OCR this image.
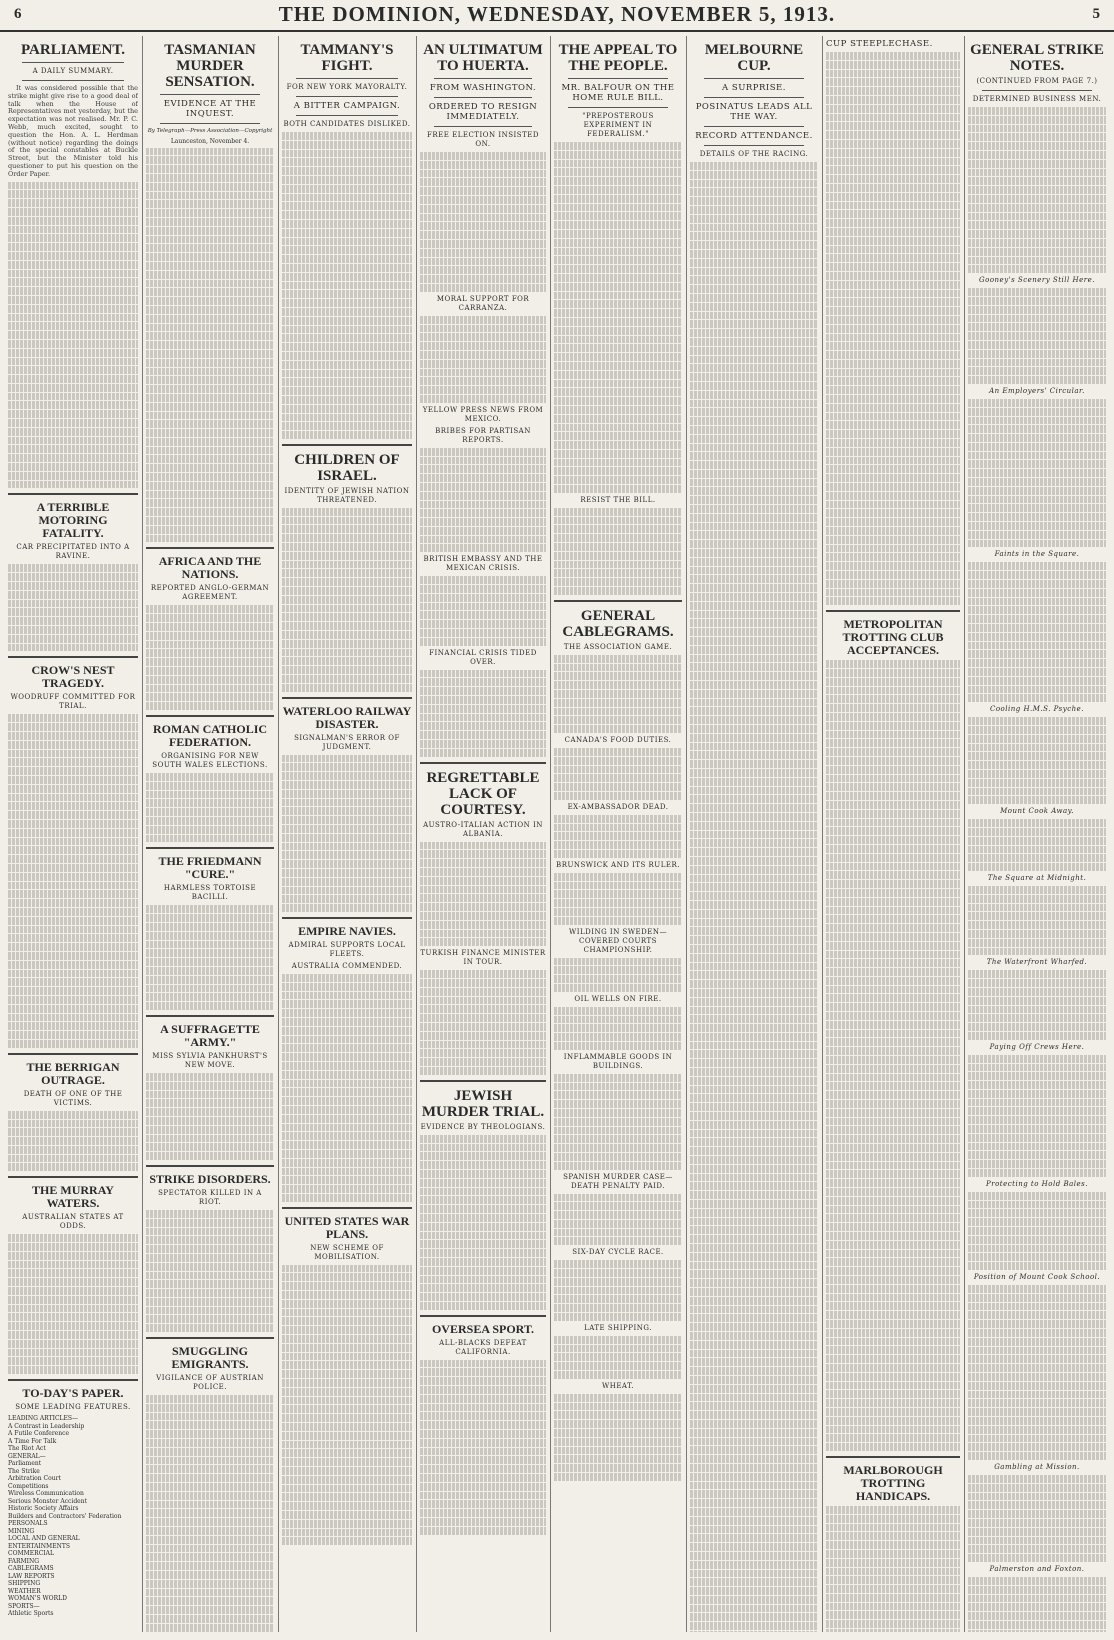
6	THE DOMINION, WEDNESDAY, NOVEMBER 5, 1913.	5
PARLIAMENT.
A DAILY SUMMARY.

It was considered possible that the strike might give rise to a good deal of talk when the House of Representatives met yesterday, but the expectation was not realised. Mr. P. C. Webb, much excited, sought to question the Hon. A. L. Herdman (without notice) regarding the doings of the special constables at Buckle Street, but the Minister told his questioner to put his question on the Order Paper.

A TERRIBLE MOTORING FATALITY.
CAR PRECIPITATED INTO A RAVINE.
CROW'S NEST TRAGEDY.
WOODRUFF COMMITTED FOR TRIAL.
THE BERRIGAN OUTRAGE.
DEATH OF ONE OF THE VICTIMS.
THE MURRAY WATERS.
AUSTRALIAN STATES AT ODDS.
TO-DAY'S PAPER.
SOME LEADING FEATURES.
LEADING ARTICLES—
A Contrast in Leadership
A Futile Conference
A Time For Talk
The Riot Act
GENERAL—
Parliament
The Strike
Arbitration Court
Competitions
Wireless Communication
Serious Monster Accident
Historic Society Affairs
Builders and Contractors' Federation
PERSONALS
MINING
LOCAL AND GENERAL
ENTERTAINMENTS
COMMERCIAL
FARMING
CABLEGRAMS
LAW REPORTS
SHIPPING
WEATHER
WOMAN'S WORLD
SPORTS—
Athletic Sports
TASMANIAN MURDER SENSATION.
EVIDENCE AT THE INQUEST.
By Telegraph—Press Association—Copyright
Launceston, November 4.
AFRICA AND THE NATIONS.
REPORTED ANGLO-GERMAN AGREEMENT.
ROMAN CATHOLIC FEDERATION.
ORGANISING FOR NEW SOUTH WALES ELECTIONS.
THE FRIEDMANN "CURE."
HARMLESS TORTOISE BACILLI.
A SUFFRAGETTE "ARMY."
MISS SYLVIA PANKHURST'S NEW MOVE.
STRIKE DISORDERS.
SPECTATOR KILLED IN A RIOT.
SMUGGLING EMIGRANTS.
VIGILANCE OF AUSTRIAN POLICE.
TAMMANY'S FIGHT.
FOR NEW YORK MAYORALTY.
A BITTER CAMPAIGN.
BOTH CANDIDATES DISLIKED.
CHILDREN OF ISRAEL.
IDENTITY OF JEWISH NATION THREATENED.
WATERLOO RAILWAY DISASTER.
SIGNALMAN'S ERROR OF JUDGMENT.
EMPIRE NAVIES.
ADMIRAL SUPPORTS LOCAL FLEETS.
AUSTRALIA COMMENDED.
UNITED STATES WAR PLANS.
NEW SCHEME OF MOBILISATION.
AN ULTIMATUM TO HUERTA.
FROM WASHINGTON.
ORDERED TO RESIGN IMMEDIATELY.
FREE ELECTION INSISTED ON.
MORAL SUPPORT FOR CARRANZA.
YELLOW PRESS NEWS FROM MEXICO.
BRIBES FOR PARTISAN REPORTS.
BRITISH EMBASSY AND THE MEXICAN CRISIS.
FINANCIAL CRISIS TIDED OVER.
REGRETTABLE LACK OF COURTESY.
AUSTRO-ITALIAN ACTION IN ALBANIA.
TURKISH FINANCE MINISTER IN TOUR.
JEWISH MURDER TRIAL.
EVIDENCE BY THEOLOGIANS.
OVERSEA SPORT.
ALL-BLACKS DEFEAT CALIFORNIA.
THE APPEAL TO THE PEOPLE.
MR. BALFOUR ON THE HOME RULE BILL.
"PREPOSTEROUS EXPERIMENT IN FEDERALISM."
RESIST THE BILL.
GENERAL CABLEGRAMS.
THE ASSOCIATION GAME.
CANADA'S FOOD DUTIES.
EX-AMBASSADOR DEAD.
BRUNSWICK AND ITS RULER.
WILDING IN SWEDEN—COVERED COURTS CHAMPIONSHIP.
OIL WELLS ON FIRE.
INFLAMMABLE GOODS IN BUILDINGS.
SPANISH MURDER CASE—DEATH PENALTY PAID.
SIX-DAY CYCLE RACE.
LATE SHIPPING.
WHEAT.
MELBOURNE CUP.
A SURPRISE.
POSINATUS LEADS ALL THE WAY.
RECORD ATTENDANCE.
DETAILS OF THE RACING.
CUP STEEPLECHASE.
METROPOLITAN TROTTING CLUB ACCEPTANCES.
MARLBOROUGH TROTTING HANDICAPS.
GENERAL STRIKE NOTES.
(CONTINUED FROM PAGE 7.)
DETERMINED BUSINESS MEN.
Gooney's Scenery Still Here.
An Employers' Circular.
Faints in the Square.
Cooling H.M.S. Psyche.
Mount Cook Away.
The Square at Midnight.
The Waterfront Wharfed.
Paying Off Crews Here.
Protecting to Hold Bales.
Position of Mount Cook School.
Gambling at Mission.
Palmerston and Foxton.
